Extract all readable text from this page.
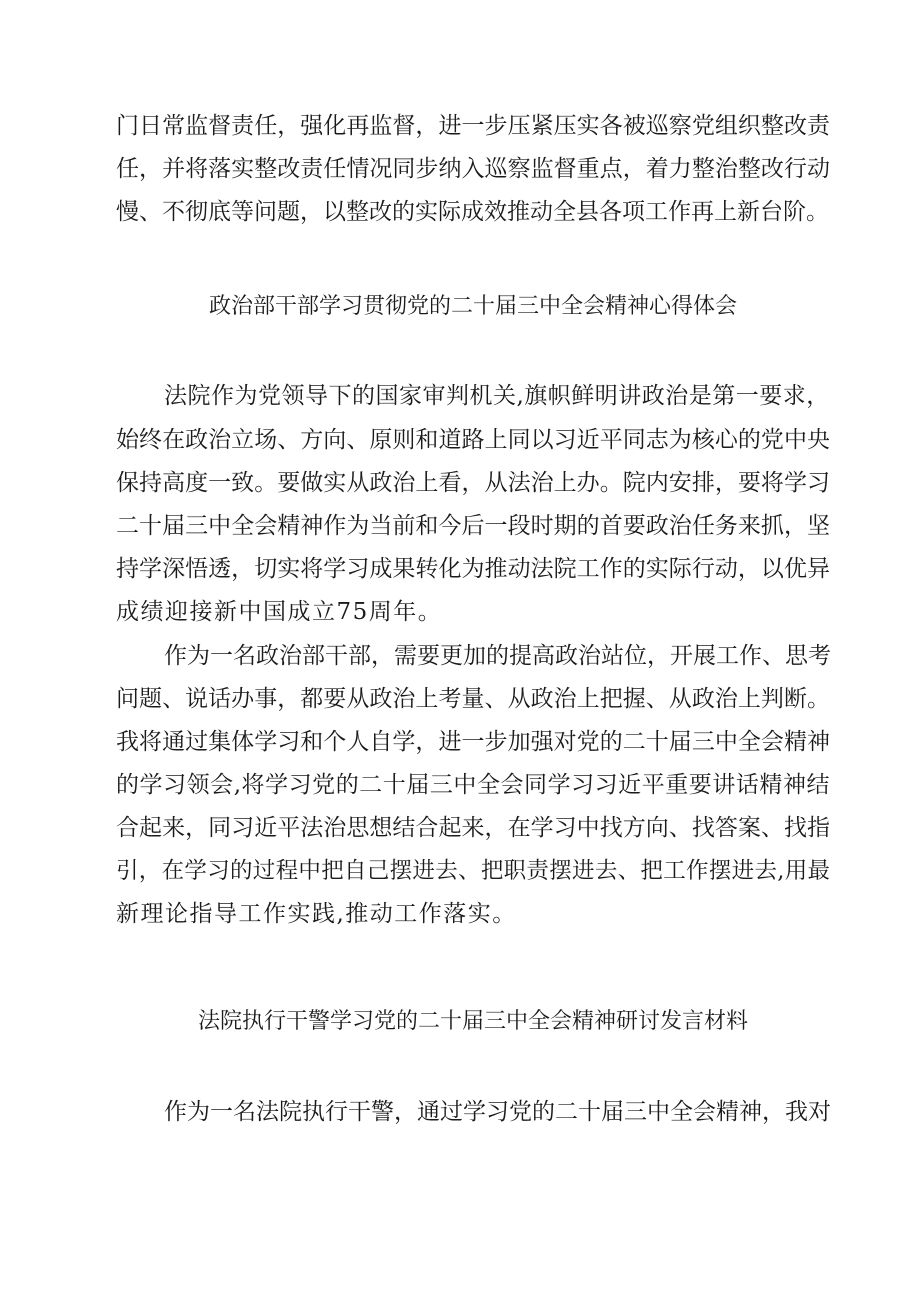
门日常监督责任，强化再监督，进一步压紧压实各被巡察党组织整改责
任，并将落实整改责任情况同步纳入巡察监督重点，着力整治整改行动
慢、不彻底等问题，以整改的实际成效推动全县各项工作再上新台阶。
政治部干部学习贯彻党的二十届三中全会精神心得体会
法院作为党领导下的国家审判机关,旗帜鲜明讲政治是第一要求，
始终在政治立场、方向、原则和道路上同以习近平同志为核心的党中央
保持高度一致。要做实从政治上看，从法治上办。院内安排，要将学习
二十届三中全会精神作为当前和今后一段时期的首要政治任务来抓，坚
持学深悟透，切实将学习成果转化为推动法院工作的实际行动，以优异
成绩迎接新中国成立75周年。
作为一名政治部干部，需要更加的提高政治站位，开展工作、思考
问题、说话办事，都要从政治上考量、从政治上把握、从政治上判断。
我将通过集体学习和个人自学，进一步加强对党的二十届三中全会精神
的学习领会,将学习党的二十届三中全会同学习习近平重要讲话精神结
合起来，同习近平法治思想结合起来，在学习中找方向、找答案、找指
引，在学习的过程中把自己摆进去、把职责摆进去、把工作摆进去,用最
新理论指导工作实践,推动工作落实。
法院执行干警学习党的二十届三中全会精神研讨发言材料
作为一名法院执行干警，通过学习党的二十届三中全会精神，我对
